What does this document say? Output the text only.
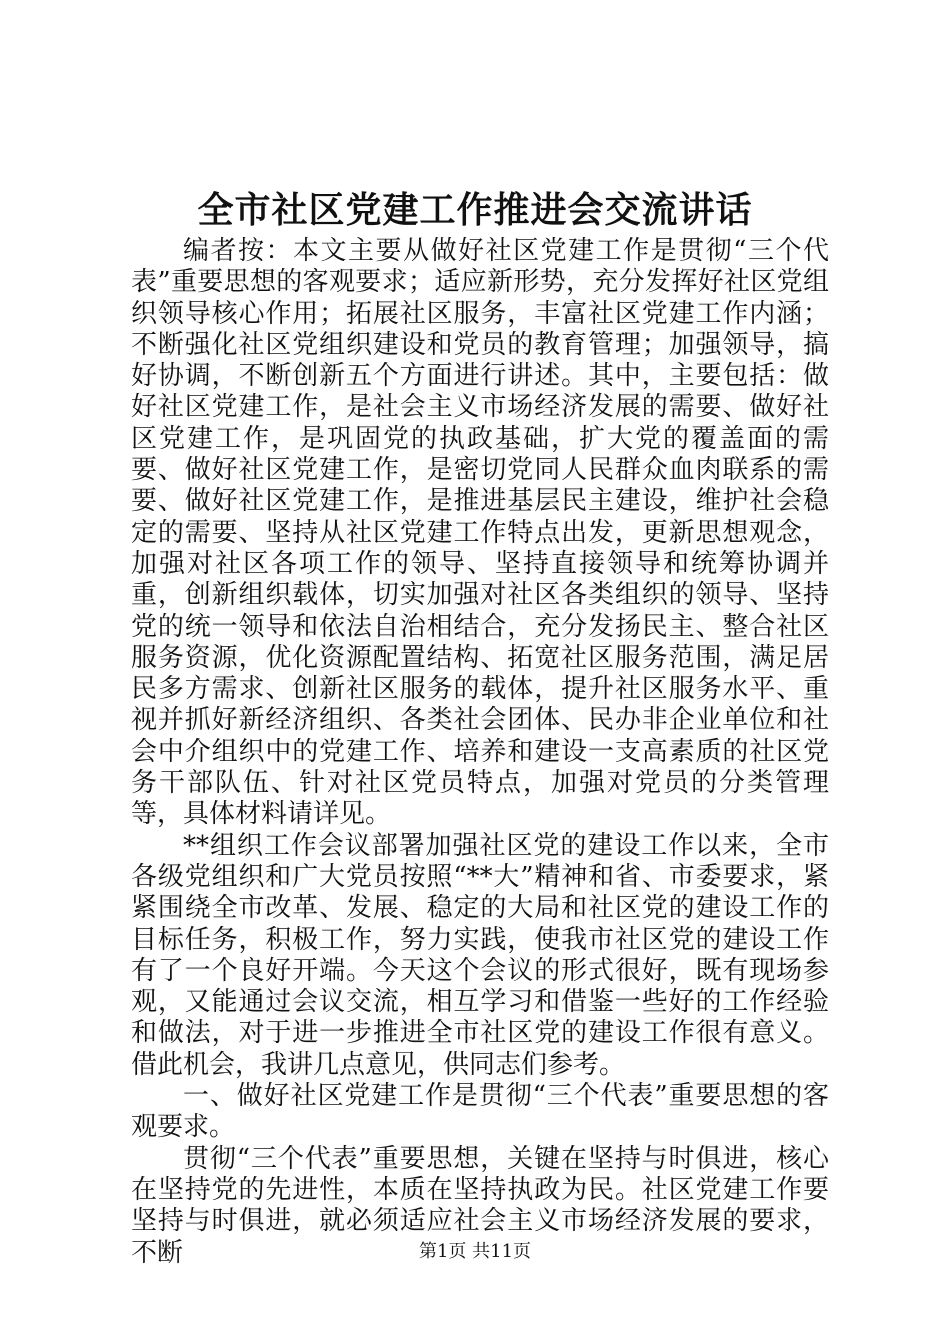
全市社区党建工作推进会交流讲话

编者按：本文主要从做好社区党建工作是贯彻“三个代表”重要思想的客观要求；适应新形势，充分发挥好社区党组织领导核心作用；拓展社区服务，丰富社区党建工作内涵；不断强化社区党组织建设和党员的教育管理；加强领导，搞好协调，不断创新五个方面进行讲述。其中，主要包括：做好社区党建工作，是社会主义市场经济发展的需要、做好社区党建工作，是巩固党的执政基础，扩大党的覆盖面的需要、做好社区党建工作，是密切党同人民群众血肉联系的需要、做好社区党建工作，是推进基层民主建设，维护社会稳定的需要、坚持从社区党建工作特点出发，更新思想观念，加强对社区各项工作的领导、坚持直接领导和统筹协调并重，创新组织载体，切实加强对社区各类组织的领导、坚持党的统一领导和依法自治相结合，充分发扬民主、整合社区服务资源，优化资源配置结构、拓宽社区服务范围，满足居民多方需求、创新社区服务的载体，提升社区服务水平、重视并抓好新经济组织、各类社会团体、民办非企业单位和社会中介组织中的党建工作、培养和建设一支高素质的社区党务干部队伍、针对社区党员特点，加强对党员的分类管理等，具体材料请详见。

**组织工作会议部署加强社区党的建设工作以来，全市各级党组织和广大党员按照“**大”精神和省、市委要求，紧紧围绕全市改革、发展、稳定的大局和社区党的建设工作的目标任务，积极工作，努力实践，使我市社区党的建设工作有了一个良好开端。今天这个会议的形式很好，既有现场参观，又能通过会议交流，相互学习和借鉴一些好的工作经验和做法，对于进一步推进全市社区党的建设工作很有意义。借此机会，我讲几点意见，供同志们参考。

一、做好社区党建工作是贯彻“三个代表”重要思想的客观要求。

贯彻“三个代表”重要思想，关键在坚持与时俱进，核心在坚持党的先进性，本质在坚持执政为民。社区党建工作要坚持与时俱进，就必须适应社会主义市场经济发展的要求，不断	第1页 共11页
